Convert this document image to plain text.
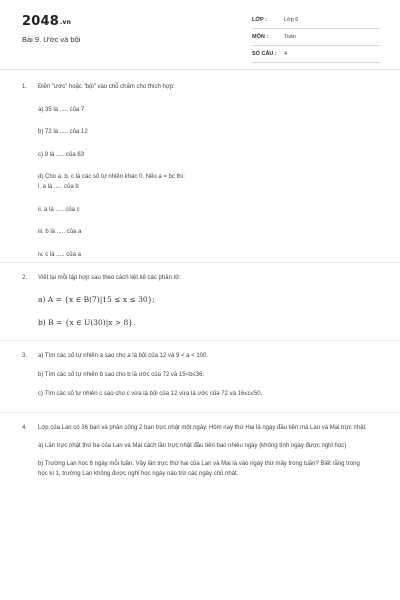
2048.vn
Bài 9. Ước và bội
LỚP :	Lớp 6
MÔN :	Toán
SỐ CÂU : 4
1. Điền "ước" hoặc "bội" vào chỗ chấm cho thích hợp:
a) 35 là ..... của 7
b) 72 là ..... của 12
c) 9 là ..... của 63
d) Cho a, b, c là các số tự nhiên khác 0. Nếu a = bc thì:
i. a là ..... của b
ii. a là ..... của c
iii. b là ..... của a
iv. c là ..... của a
2. Viết lại mỗi tập hợp sau theo cách liệt kê các phần tử:
a) A = {x ∈ B(7)|15 ≤ x ≤ 30};
b) B = {x ∈ U(30)|x > 8}.
3. a) Tìm các số tự nhiên a sao cho a là bội của 12 và 9 < a < 100.
b) Tìm các số tự nhiên b sao cho b là ước của 72 và 15<b≤36.
c) Tìm các số tự nhiên c sao cho c vừa là bội của 12 vừa là ước của 72 và 16≤c≤50.
4. Lớp của Lan có 36 bạn và phân công 2 bạn trực nhật một ngày. Hôm nay thứ Hai là ngày đầu tiên mà Lan và Mai trực nhật.
a) Lần trực nhật thứ ba của Lan và Mai cách lần trực nhật đầu tiên bao nhiêu ngày (không tính ngày được nghỉ học)
b) Trường Lan học 6 ngày mỗi tuần. Vậy lần trực thứ hai của Lan và Mai là vào ngày thứ mấy trong tuần? Biết rằng trong học kì 1, trường Lan không được nghỉ học ngày nào trừ các ngày chủ nhật.
